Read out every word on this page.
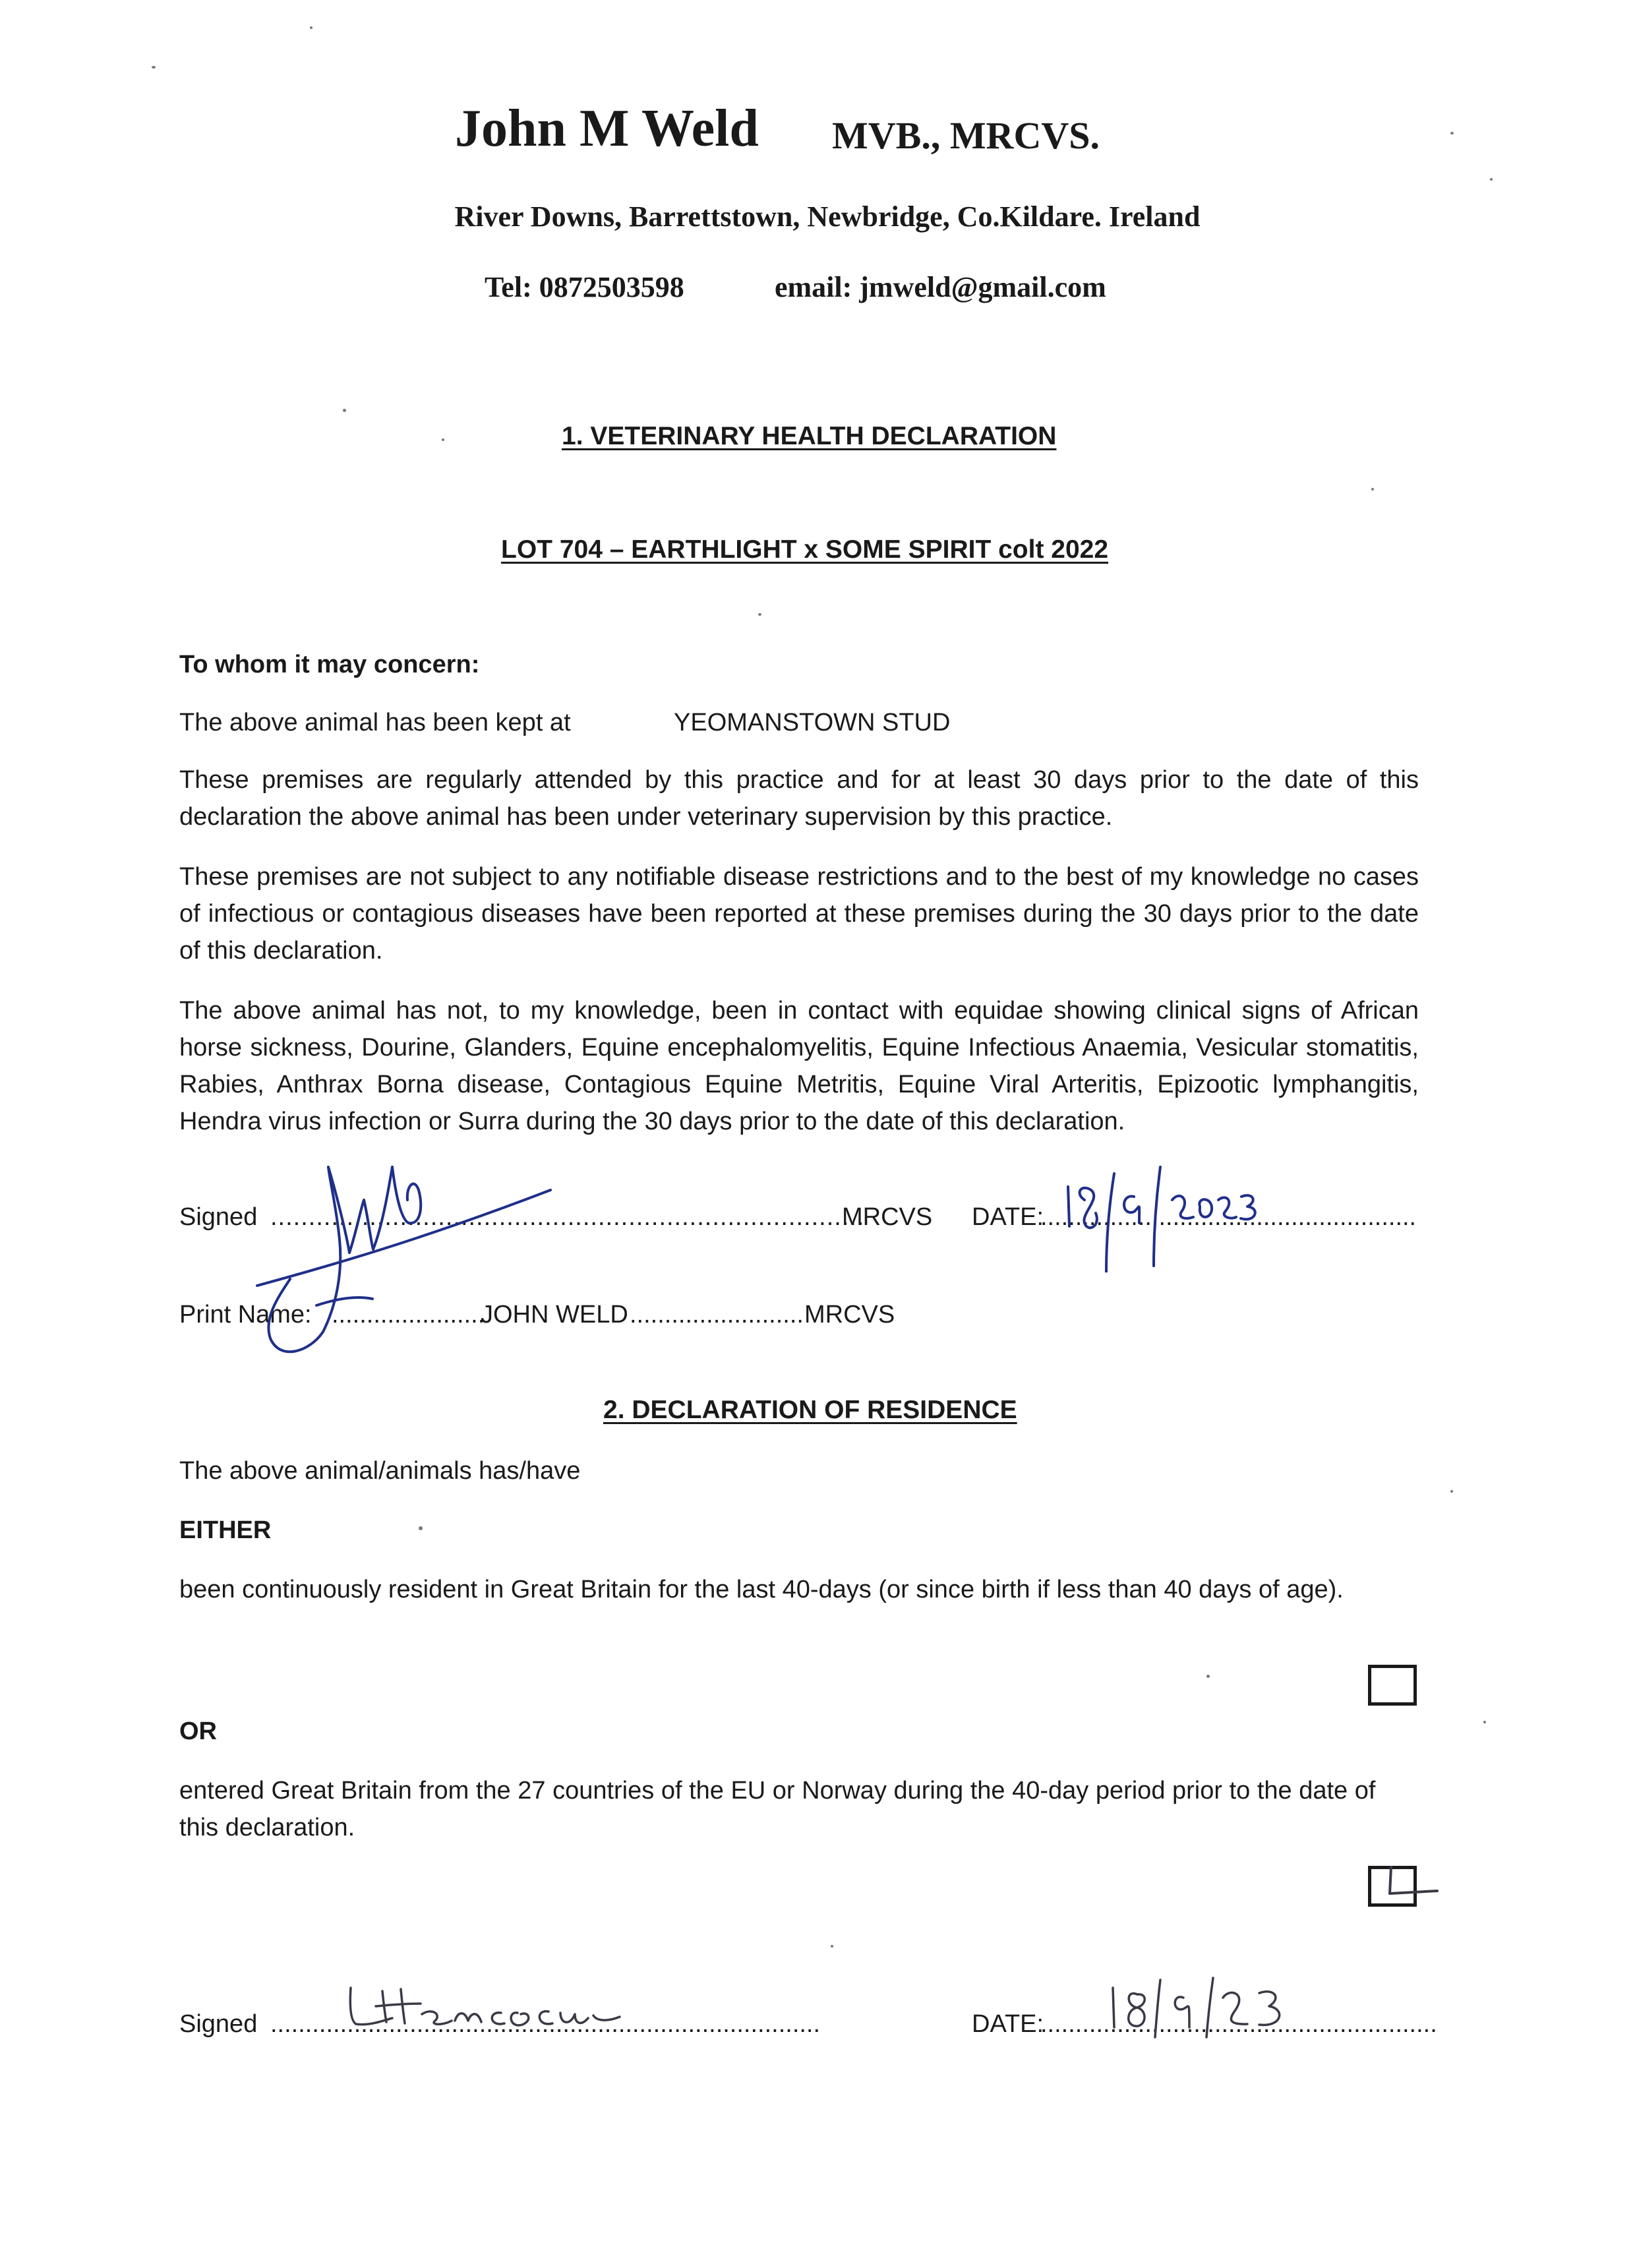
John M Weld MVB., MRCVS.
River Downs, Barrettstown, Newbridge, Co.Kildare. Ireland
Tel: 0872503598	email: jmweld@gmail.com
1. VETERINARY HEALTH DECLARATION
LOT 704 – EARTHLIGHT x SOME SPIRIT colt 2022
To whom it may concern:
The above animal has been kept at	YEOMANSTOWN STUD
These premises are regularly attended by this practice and for at least 30 days prior to the date of this declaration the above animal has been under veterinary supervision by this practice.
These premises are not subject to any notifiable disease restrictions and to the best of my knowledge no cases of infectious or contagious diseases have been reported at these premises during the 30 days prior to the date of this declaration.
The above animal has not, to my knowledge, been in contact with equidae showing clinical signs of African horse sickness, Dourine, Glanders, Equine encephalomyelitis, Equine Infectious Anaemia, Vesicular stomatitis, Rabies, Anthrax Borna disease, Contagious Equine Metritis, Equine Viral Arteritis, Epizootic lymphangitis, Hendra virus infection or Surra during the 30 days prior to the date of this declaration.
Signed ..............................................................................
MRCVS DATE:
......................................................
Print Name: ......................
JOHN WELD ......................... MRCVS
2. DECLARATION OF RESIDENCE
The above animal/animals has/have
EITHER
been continuously resident in Great Britain for the last 40-days (or since birth if less than 40 days of age).
OR
entered Great Britain from the 27 countries of the EU or Norway during the 40-day period prior to the date of this declaration.
Signed ...............................................................................	DATE:
.........................................................
